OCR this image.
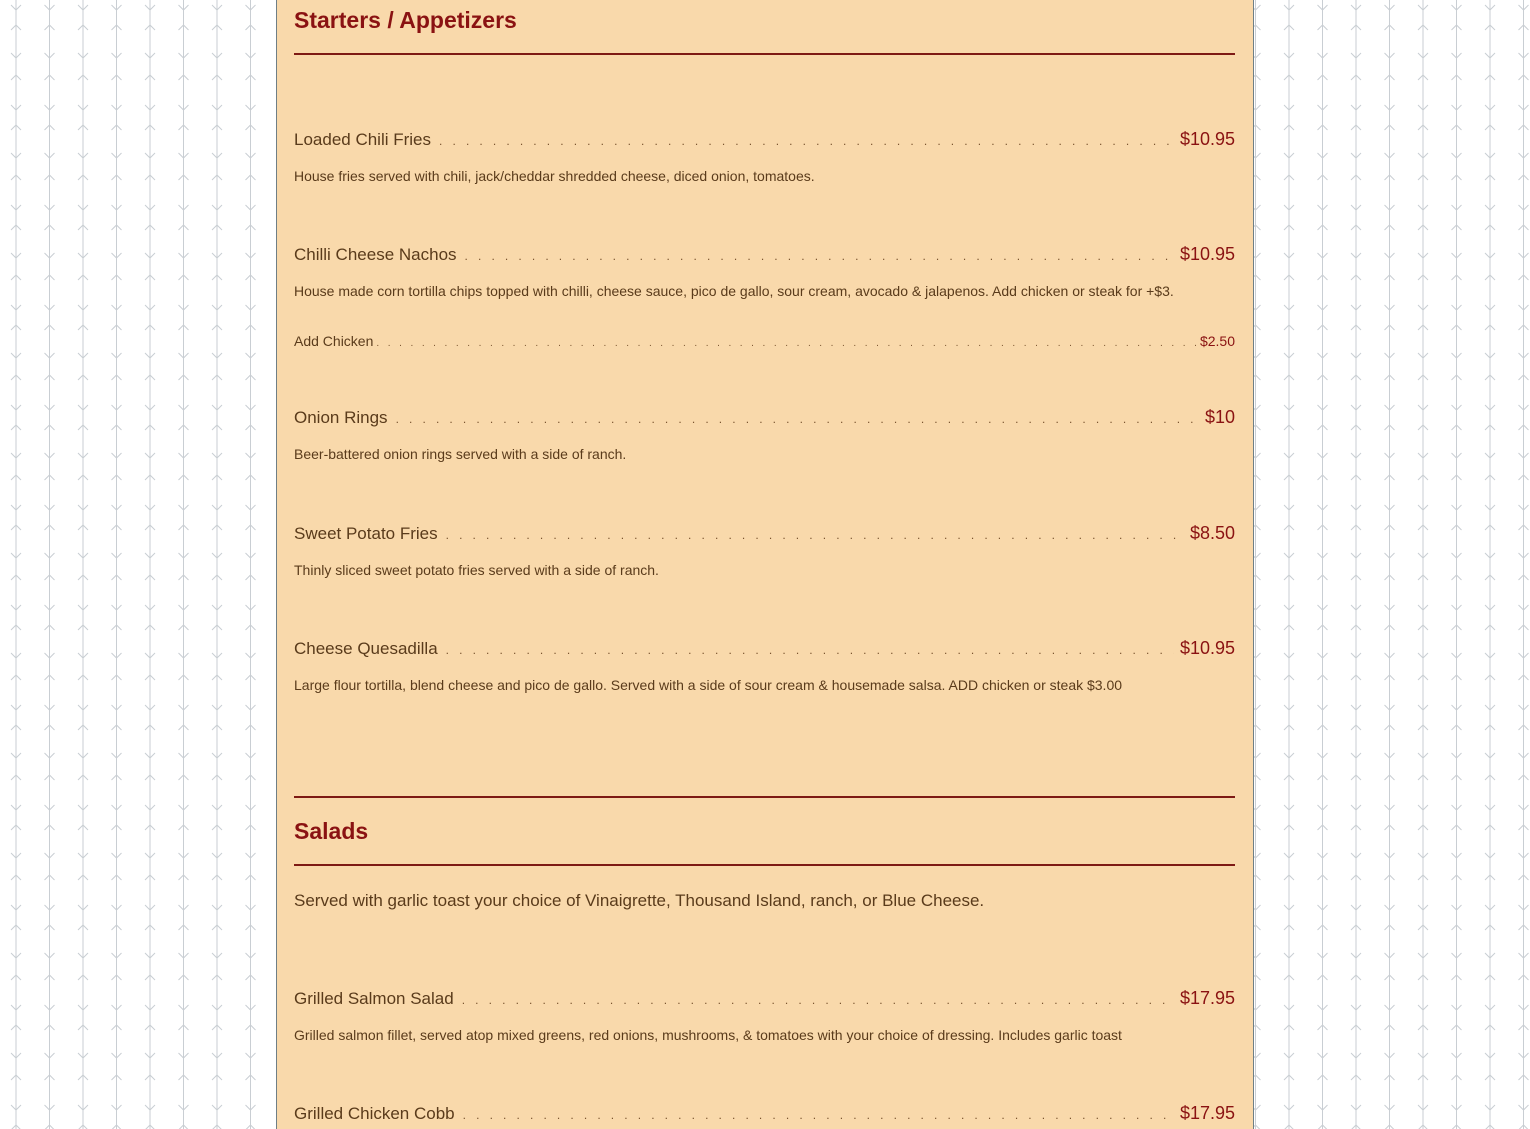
Starters / Appetizers
Loaded Chili Fries . . .	$10.95
House fries served with chili, jack/cheddar shredded cheese, diced onion, tomatoes.
Chilli Cheese Nachos . . .	$10.95
House made corn tortilla chips topped with chilli, cheese sauce, pico de gallo, sour cream, avocado & jalapenos. Add chicken or steak for +$3.
Add Chicken . . .	$2.50
Onion Rings . . .	$10
Beer-battered onion rings served with a side of ranch.
Sweet Potato Fries . . .	$8.50
Thinly sliced sweet potato fries served with a side of ranch.
Cheese Quesadilla . . .	$10.95
Large flour tortilla, blend cheese and pico de gallo. Served with a side of sour cream & housemade salsa. ADD chicken or steak $3.00
Salads
Served with garlic toast your choice of Vinaigrette, Thousand Island, ranch, or Blue Cheese.
Grilled Salmon Salad . . .	$17.95
Grilled salmon fillet, served atop mixed greens, red onions, mushrooms, & tomatoes with your choice of dressing. Includes garlic toast
Grilled Chicken Cobb . . .	$17.95
